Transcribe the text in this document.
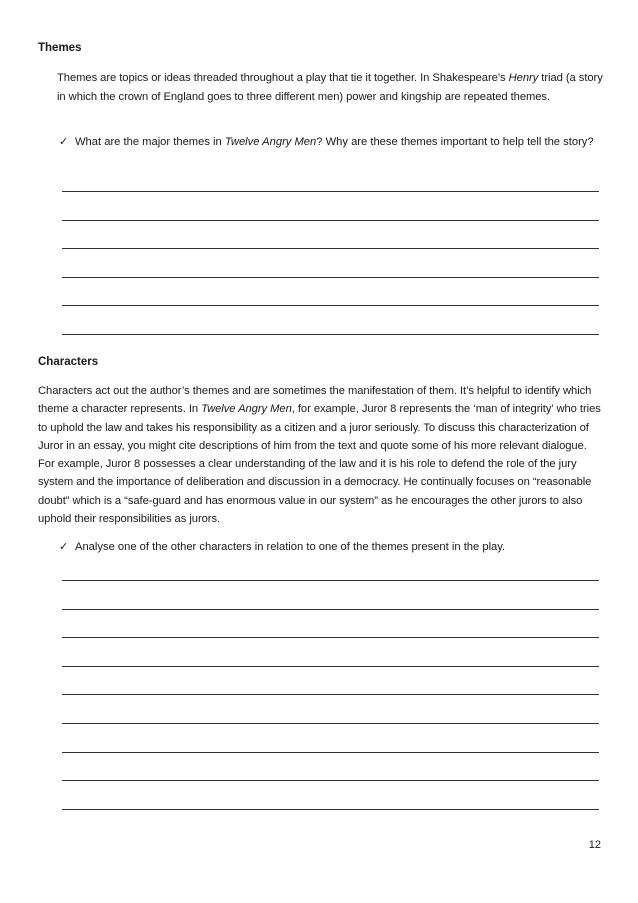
Themes

Themes are topics or ideas threaded throughout a play that tie it together. In Shakespeare’s Henry triad (a story in which the crown of England goes to three different men) power and kingship are repeated themes.

✓ What are the major themes in Twelve Angry Men? Why are these themes important to help tell the story?
Characters

Characters act out the author’s themes and are sometimes the manifestation of them. It’s helpful to identify which theme a character represents. In Twelve Angry Men, for example, Juror 8 represents the ‘man of integrity’ who tries to uphold the law and takes his responsibility as a citizen and a juror seriously. To discuss this characterization of Juror in an essay, you might cite descriptions of him from the text and quote some of his more relevant dialogue. For example, Juror 8 possesses a clear understanding of the law and it is his role to defend the role of the jury system and the importance of deliberation and discussion in a democracy. He continually focuses on “reasonable doubt” which is a “safe-guard and has enormous value in our system” as he encourages the other jurors to also uphold their responsibilities as jurors.

✓ Analyse one of the other characters in relation to one of the themes present in the play.
12
